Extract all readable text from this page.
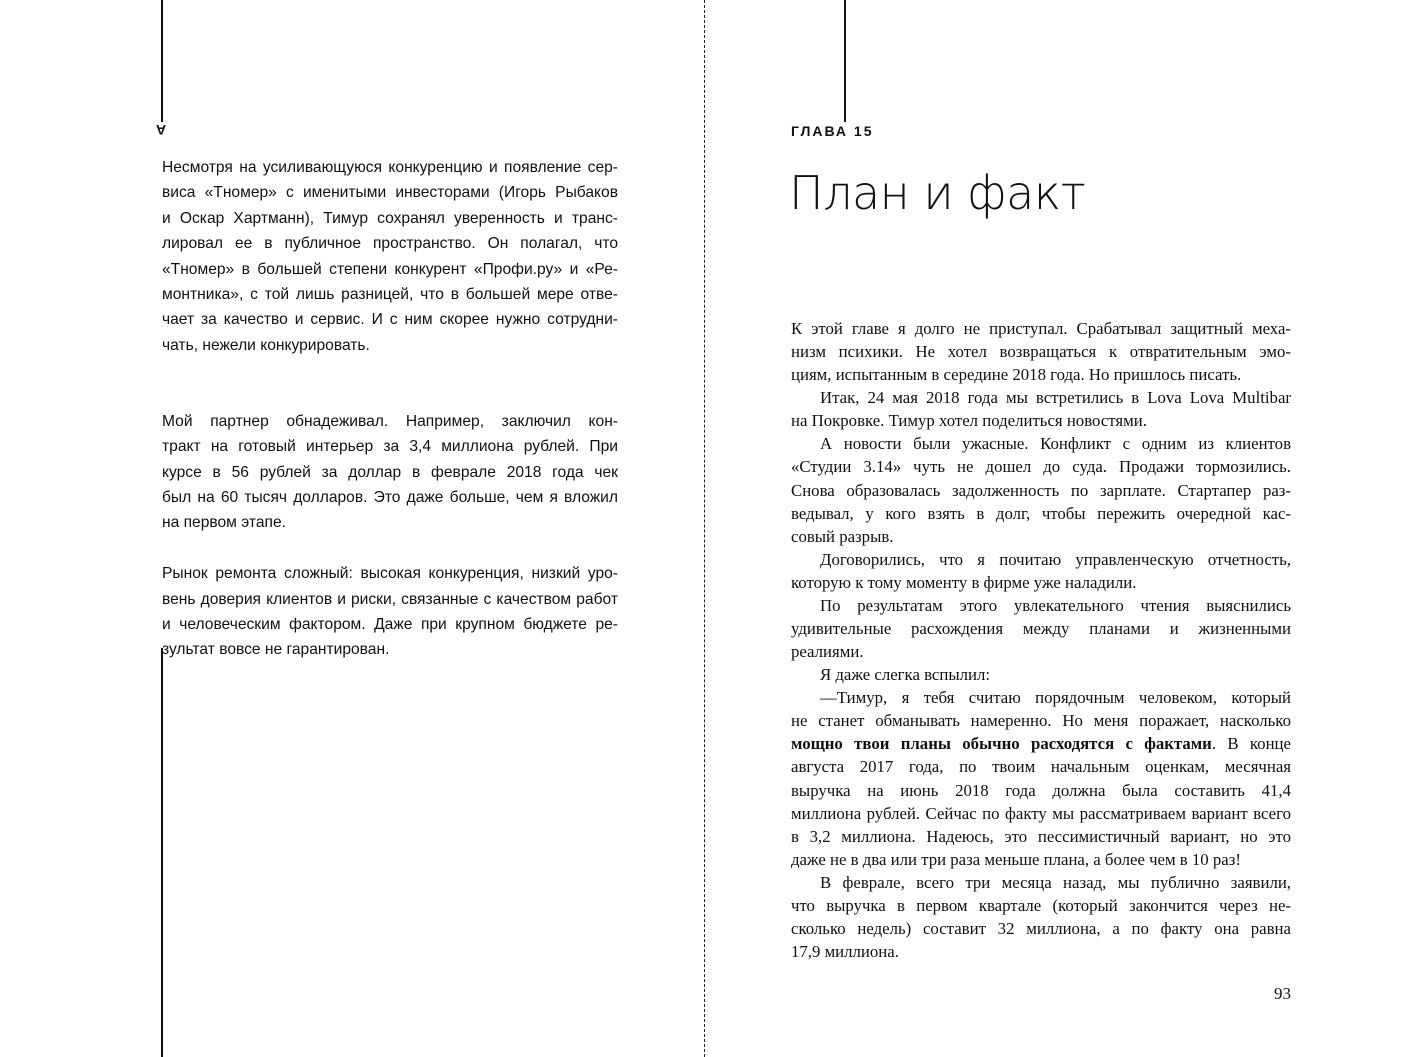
A
Несмотря на усиливающуюся конкуренцию и появление сер-
виса «Тномер» с именитыми инвесторами (Игорь Рыбаков
и Оскар Хартманн), Тимур сохранял уверенность и транс-
лировал ее в публичное пространство. Он полагал, что
«Тномер» в большей степени конкурент «Профи.ру» и «Ре-
монтника», с той лишь разницей, что в большей мере отве-
чает за качество и сервис. И с ним скорее нужно сотрудни-
чать, нежели конкурировать.
Мой партнер обнадеживал. Например, заключил кон-
тракт на готовый интерьер за 3,4 миллиона рублей. При
курсе в 56 рублей за доллар в феврале 2018 года чек
был на 60 тысяч долларов. Это даже больше, чем я вложил
на первом этапе.
Рынок ремонта сложный: высокая конкуренция, низкий уро-
вень доверия клиентов и риски, связанные с качеством работ
и человеческим фактором. Даже при крупном бюджете ре-
зультат вовсе не гарантирован.
ГЛАВА 15
План и факт
К этой главе я долго не приступал. Срабатывал защитный меха-
низм психики. Не хотел возвращаться к отвратительным эмо-
циям, испытанным в середине 2018 года. Но пришлось писать.
Итак, 24 мая 2018 года мы встретились в Lova Lova Multibar
на Покровке. Тимур хотел поделиться новостями.
А новости были ужасные. Конфликт с одним из клиентов
«Студии 3.14» чуть не дошел до суда. Продажи тормозились.
Снова образовалась задолженность по зарплате. Стартапер раз-
ведывал, у кого взять в долг, чтобы пережить очередной кас-
совый разрыв.
Договорились, что я почитаю управленческую отчетность,
которую к тому моменту в фирме уже наладили.
По результатам этого увлекательного чтения выяснились
удивительные расхождения между планами и жизненными
реалиями.
Я даже слегка вспылил:
—Тимур, я тебя считаю порядочным человеком, который
не станет обманывать намеренно. Но меня поражает, насколько
мощно твои планы обычно расходятся с фактами. В конце
августа 2017 года, по твоим начальным оценкам, месячная
выручка на июнь 2018 года должна была составить 41,4
миллиона рублей. Сейчас по факту мы рассматриваем вариант всего
в 3,2 миллиона. Надеюсь, это пессимистичный вариант, но это
даже не в два или три раза меньше плана, а более чем в 10 раз!
В феврале, всего три месяца назад, мы публично заявили,
что выручка в первом квартале (который закончится через не-
сколько недель) составит 32 миллиона, а по факту она равна
17,9 миллиона.
93
